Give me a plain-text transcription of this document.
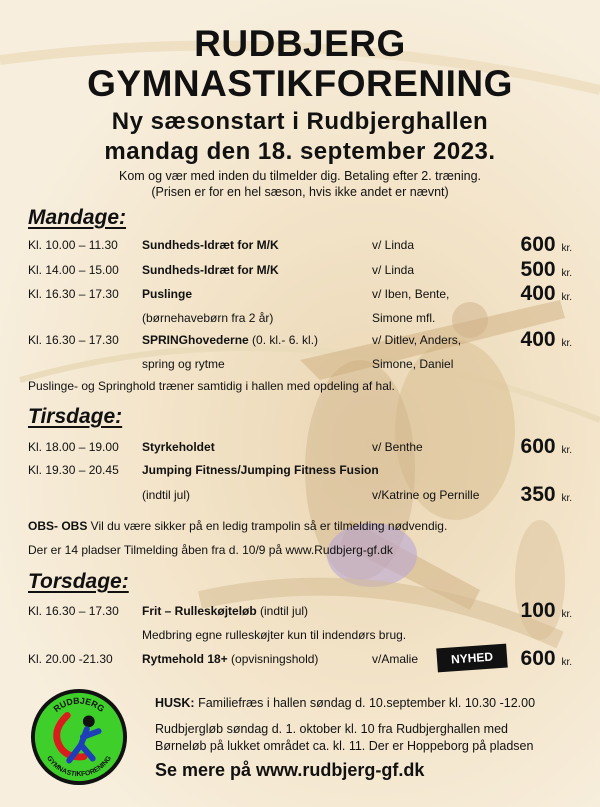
RUDBJERG
GYMNASTIKFORENING
Ny sæsonstart i Rudbjerghallen
mandag den 18. september 2023.
Kom og vær med inden du tilmelder dig. Betaling efter 2. træning.
(Prisen er for en hel sæson, hvis ikke andet er nævnt)
Mandage:
Kl. 10.00 – 11.30 Sundheds-Idræt for M/K	v/ Linda	600 kr.
Kl. 14.00 – 15.00 Sundheds-Idræt for M/K	v/ Linda	500 kr.
Kl. 16.30 – 17.30 Puslinge	v/ Iben, Bente,	400 kr.
(børnehavebørn fra 2 år)	Simone mfl.
Kl. 16.30 – 17.30 SPRINGhovederne (0. kl.- 6. kl.)	v/ Ditlev, Anders,	400 kr.
spring og rytme	Simone, Daniel
Puslinge- og Springhold træner samtidig i hallen med opdeling af hal.
Tirsdage:
Kl. 18.00 – 19.00 Styrkeholdet	v/ Benthe	600 kr.
Kl. 19.30 – 20.45 Jumping Fitness/Jumping Fitness Fusion
(indtil jul)	v/Katrine og Pernille 350 kr.
OBS- OBS Vil du være sikker på en ledig trampolin så er tilmelding nødvendig.
Der er 14 pladser Tilmelding åben fra d. 10/9 på www.Rudbjerg-gf.dk
Torsdage:
Kl. 16.30 – 17.30 Frit – Rulleskøjteløb (indtil jul)	100 kr.
Medbring egne rulleskøjter kun til indendørs brug.
Kl. 20.00 -21.30 Rytmehold 18+ (opvisningshold)	v/Amalie	600 kr.
NYHED
RUDBJERG
GYMNASTIKFORENING
HUSK: Familiefræs i hallen søndag d. 10.september kl. 10.30 -12.00
Rudbjergløb søndag d. 1. oktober kl. 10 fra Rudbjerghallen med
Børneløb på lukket området ca. kl. 11. Der er Hoppeborg på pladsen
Se mere på www.rudbjerg-gf.dk
